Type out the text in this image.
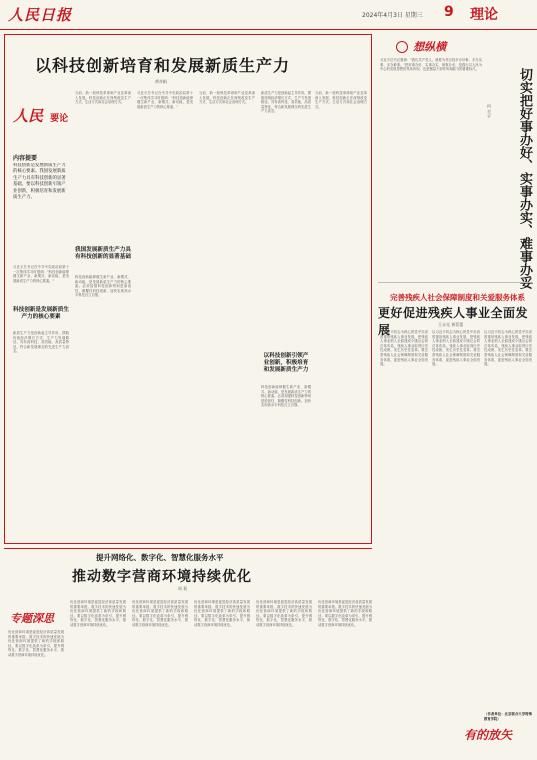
人民日报	2024年4月3日 星期三 9 理论
以科技创新培育和发展新质生产力
黄奇帆
人民 要论
内容提要
科技创新是发展新质生产力的核心要素。我国发展新质生产力具有科技创新的显著基础，要以科技创新引领产业创新，积极培育和发展新质生产力。
习近平总书记在中共中央政治局第十一次集体学习时强调："科技创新能够催生新产业、新模式、新动能，是发展新质生产力的核心要素。"
科技创新是发展新质生产力的核心要素
新质生产力是创新起主导作用，摆脱传统经济增长方式、生产力发展路径，具有高科技、高效能、高质量特征，符合新发展理念的先进生产力质态。
当前，新一轮科技革命和产业变革深入发展，科技创新正在深刻改变生产方式、生活方式和社会治理方式。
我国发展新质生产力具有科技创新的显著基础
科技创新能够催生新产业、新模式、新动能，是发展新质生产力的核心要素。必须加强科技创新特别是原创性、颠覆性科技创新，加快实现高水平科技自立自强。
习近平总书记在中共中央政治局第十一次集体学习时强调："科技创新能够催生新产业、新模式、新动能，是发展新质生产力的核心要素。"
当前，新一轮科技革命和产业变革深入发展，科技创新正在深刻改变生产方式、生活方式和社会治理方式。
新质生产力是创新起主导作用，摆脱传统经济增长方式、生产力发展路径，具有高科技、高效能、高质量特征，符合新发展理念的先进生产力质态。
以科技创新引领产业创新，积极培育和发展新质生产力
科技创新能够催生新产业、新模式、新动能，是发展新质生产力的核心要素。必须加强科技创新特别是原创性、颠覆性科技创新，加快实现高水平科技自立自强。
当前，新一轮科技革命和产业变革深入发展，科技创新正在深刻改变生产方式、生活方式和社会治理方式。
想纵横
切实把好事办好、实事办实、难事办妥
何 毛 平
习近平总书记强调："我们共产党人，就要为老百姓多办好事、多办实事、多办难事。"把好事办好、实事办实、难事办妥，是践行以人民为中心的发展思想的具体体现，也是衡量干部作风和能力的重要标尺。
完善残疾人社会保障制度和关爱服务体系
更好促进残疾人事业全面发展	王永光 黄蓓蕾
以习近平同志为核心的党中央高度重视残疾人事业发展，把残疾人事业纳入全面建成小康社会的总体布局，残疾人事业取得历史性成就、发生历史性变革。要完善残疾人社会保障制度和关爱服务体系，促进残疾人事业全面发展。
以习近平同志为核心的党中央高度重视残疾人事业发展，把残疾人事业纳入全面建成小康社会的总体布局，残疾人事业取得历史性成就、发生历史性变革。要完善残疾人社会保障制度和关爱服务体系，促进残疾人事业全面发展。
以习近平同志为核心的党中央高度重视残疾人事业发展，把残疾人事业纳入全面建成小康社会的总体布局，残疾人事业取得历史性成就、发生历史性变革。要完善残疾人社会保障制度和关爱服务体系，促进残疾人事业全面发展。
（作者单位：北京联合大学特殊教育学院）
提升网络化、数字化、智慧化服务水平
推动数字营商环境持续优化
周 莉
专题深思
优化营商环境是促进经济高质量发展的重要举措。数字技术的快速发展为优化营商环境提供了新的手段和路径。要以数字化改革为牵引，提升网络化、数字化、智慧化服务水平，推动数字营商环境持续优化。
优化营商环境是促进经济高质量发展的重要举措。数字技术的快速发展为优化营商环境提供了新的手段和路径。要以数字化改革为牵引，提升网络化、数字化、智慧化服务水平，推动数字营商环境持续优化。
优化营商环境是促进经济高质量发展的重要举措。数字技术的快速发展为优化营商环境提供了新的手段和路径。要以数字化改革为牵引，提升网络化、数字化、智慧化服务水平，推动数字营商环境持续优化。
优化营商环境是促进经济高质量发展的重要举措。数字技术的快速发展为优化营商环境提供了新的手段和路径。要以数字化改革为牵引，提升网络化、数字化、智慧化服务水平，推动数字营商环境持续优化。
优化营商环境是促进经济高质量发展的重要举措。数字技术的快速发展为优化营商环境提供了新的手段和路径。要以数字化改革为牵引，提升网络化、数字化、智慧化服务水平，推动数字营商环境持续优化。
优化营商环境是促进经济高质量发展的重要举措。数字技术的快速发展为优化营商环境提供了新的手段和路径。要以数字化改革为牵引，提升网络化、数字化、智慧化服务水平，推动数字营商环境持续优化。
有的放矢
